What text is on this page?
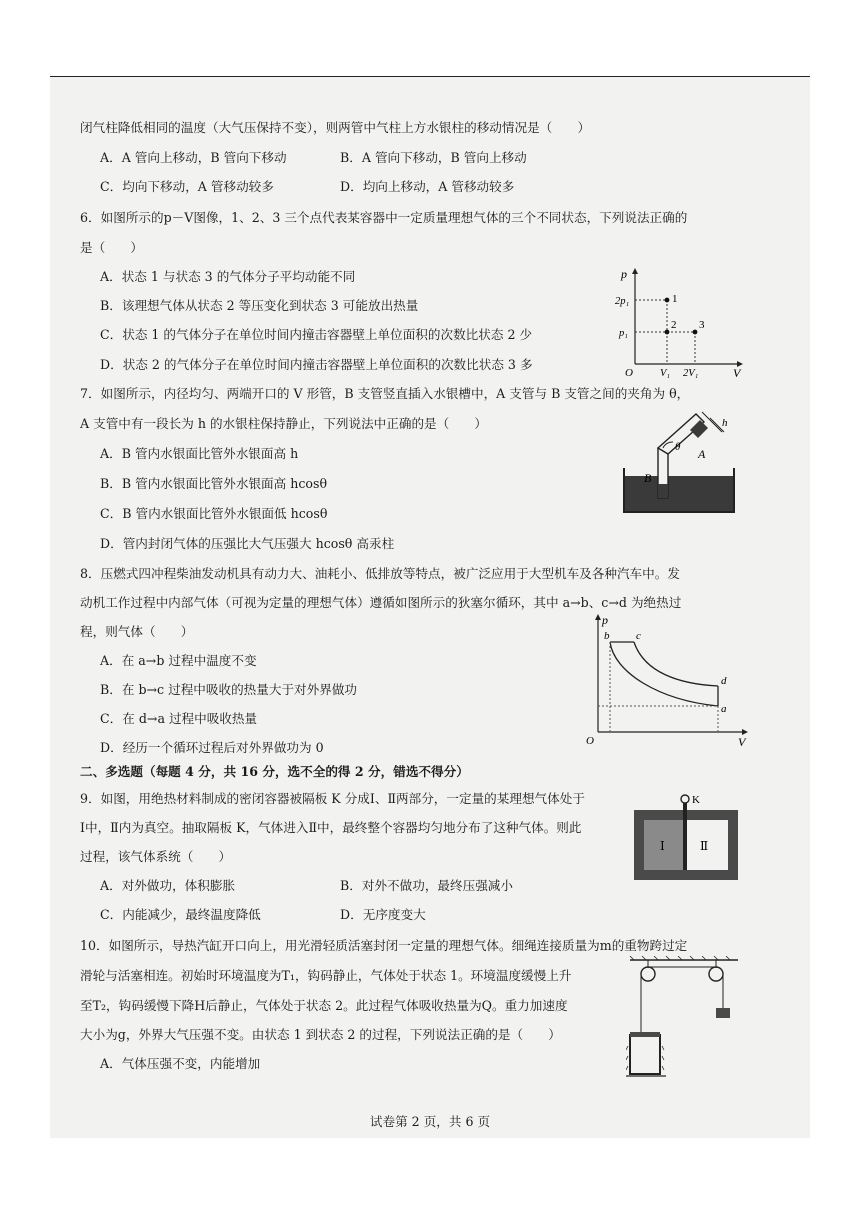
闭气柱降低相同的温度（大气压保持不变），则两管中气柱上方水银柱的移动情况是（　　）
A．A 管向上移动，B 管向下移动	B．A 管向下移动，B 管向上移动
C．均向下移动，A 管移动较多	D．均向上移动，A 管移动较多
6．如图所示的p－V图像，1、2、3 三个点代表某容器中一定质量理想气体的三个不同状态，下列说法正确的
是（　　）
A．状态 1 与状态 3 的气体分子平均动能不同
B．该理想气体从状态 2 等压变化到状态 3 可能放出热量
C．状态 1 的气体分子在单位时间内撞击容器壁上单位面积的次数比状态 2 少
D．状态 2 的气体分子在单位时间内撞击容器壁上单位面积的次数比状态 3 多
7．如图所示，内径均匀、两端开口的 V 形管，B 支管竖直插入水银槽中，A 支管与 B 支管之间的夹角为 θ，
A 支管中有一段长为 h 的水银柱保持静止，下列说法中正确的是（　　）
A．B 管内水银面比管外水银面高 h
B．B 管内水银面比管外水银面高 hcosθ
C．B 管内水银面比管外水银面低 hcosθ
D．管内封闭气体的压强比大气压强大 hcosθ 高汞柱
8．压燃式四冲程柴油发动机具有动力大、油耗小、低排放等特点，被广泛应用于大型机车及各种汽车中。发
动机工作过程中内部气体（可视为定量的理想气体）遵循如图所示的狄塞尔循环，其中 a→b、c→d 为绝热过
程，则气体（　　）
A．在 a→b 过程中温度不变
B．在 b→c 过程中吸收的热量大于对外界做功
C．在 d→a 过程中吸收热量
D．经历一个循环过程后对外界做功为 0
二、多选题（每题 4 分，共 16 分，选不全的得 2 分，错选不得分）
9．如图，用绝热材料制成的密闭容器被隔板 K 分成Ⅰ、Ⅱ两部分，一定量的某理想气体处于
Ⅰ中，Ⅱ内为真空。抽取隔板 K，气体进入Ⅱ中，最终整个容器均匀地分布了这种气体。则此
过程，该气体系统（　　）
A．对外做功，体积膨胀	B．对外不做功，最终压强减小
C．内能减少，最终温度降低	D．无序度变大
10．如图所示，导热汽缸开口向上，用光滑轻质活塞封闭一定量的理想气体。细绳连接质量为m的重物跨过定
滑轮与活塞相连。初始时环境温度为T₁，钩码静止，气体处于状态 1。环境温度缓慢上升
至T₂，钩码缓慢下降H后静止，气体处于状态 2。此过程气体吸收热量为Q。重力加速度
大小为g，外界大气压强不变。由状态 1 到状态 2 的过程，下列说法正确的是（　　）
A．气体压强不变，内能增加
p
V
O
2p₁
p₁
V₁ 2V₁
1
2 3
B
A
θ
h
p
V
O
b c
d
a
K
Ⅰ	Ⅱ
试卷第 2 页，共 6 页
